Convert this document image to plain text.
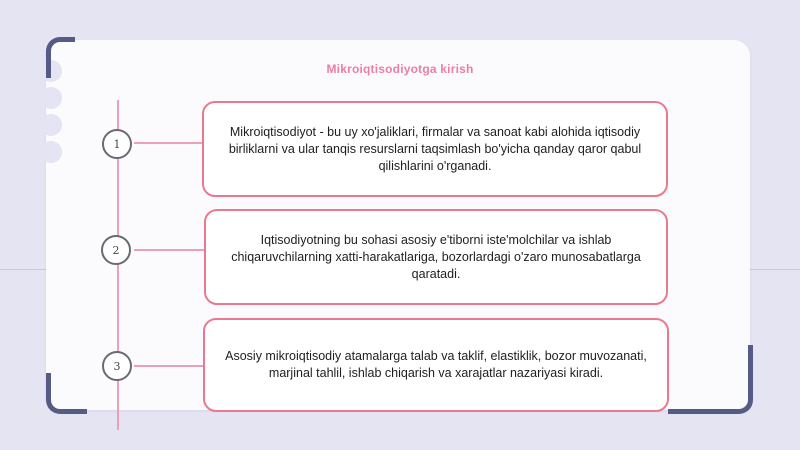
Mikroiqtisodiyotga kirish
1
Mikroiqtisodiyot - bu uy xo'jaliklari, firmalar va sanoat kabi alohida iqtisodiy birliklarni va ular tanqis resurslarni taqsimlash bo'yicha qanday qaror qabul qilishlarini o'rganadi.
2
Iqtisodiyotning bu sohasi asosiy e'tiborni iste'molchilar va ishlab chiqaruvchilarning xatti-harakatlariga, bozorlardagi o'zaro munosabatlarga qaratadi.
3
Asosiy mikroiqtisodiy atamalarga talab va taklif, elastiklik, bozor muvozanati, marjinal tahlil, ishlab chiqarish va xarajatlar nazariyasi kiradi.
